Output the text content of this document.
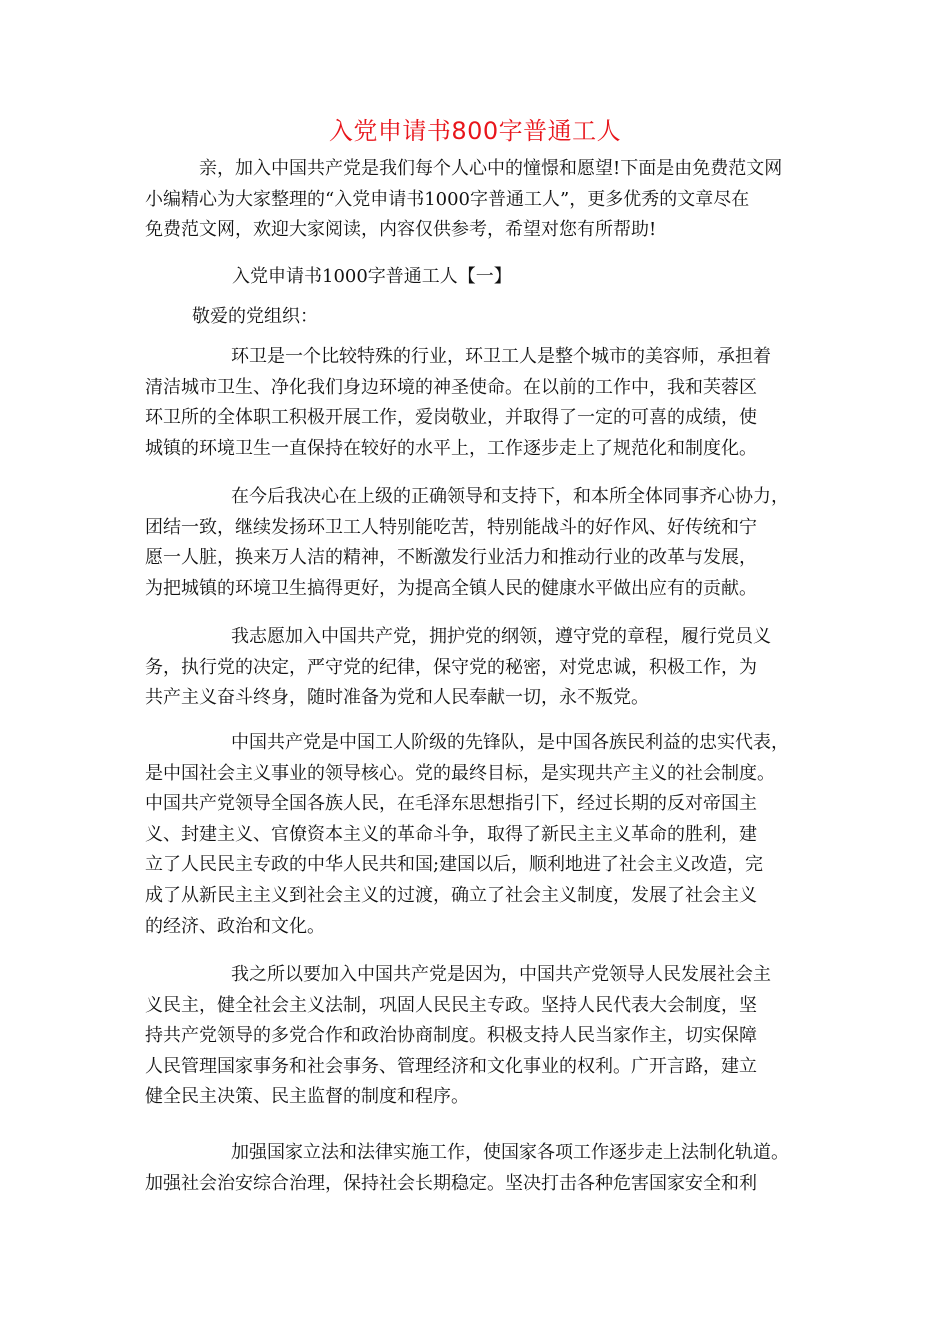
入党申请书800字普通工人
亲，加入中国共产党是我们每个人心中的憧憬和愿望!下面是由免费范文网
小编精心为大家整理的“入党申请书1000字普通工人”，更多优秀的文章尽在
免费范文网，欢迎大家阅读，内容仅供参考，希望对您有所帮助!
入党申请书1000字普通工人【一】
敬爱的党组织：
环卫是一个比较特殊的行业，环卫工人是整个城市的美容师，承担着
清洁城市卫生、净化我们身边环境的神圣使命。在以前的工作中，我和芙蓉区
环卫所的全体职工积极开展工作，爱岗敬业，并取得了一定的可喜的成绩，使
城镇的环境卫生一直保持在较好的水平上，工作逐步走上了规范化和制度化。
在今后我决心在上级的正确领导和支持下，和本所全体同事齐心协力，
团结一致，继续发扬环卫工人特别能吃苦，特别能战斗的好作风、好传统和宁
愿一人脏，换来万人洁的精神，不断激发行业活力和推动行业的改革与发展，
为把城镇的环境卫生搞得更好，为提高全镇人民的健康水平做出应有的贡献。
我志愿加入中国共产党，拥护党的纲领，遵守党的章程，履行党员义
务，执行党的决定，严守党的纪律，保守党的秘密，对党忠诚，积极工作，为
共产主义奋斗终身，随时准备为党和人民奉献一切，永不叛党。
中国共产党是中国工人阶级的先锋队，是中国各族民利益的忠实代表，
是中国社会主义事业的领导核心。党的最终目标，是实现共产主义的社会制度。
中国共产党领导全国各族人民，在毛泽东思想指引下，经过长期的反对帝国主
义、封建主义、官僚资本主义的革命斗争，取得了新民主主义革命的胜利，建
立了人民民主专政的中华人民共和国;建国以后，顺利地进了社会主义改造，完
成了从新民主主义到社会主义的过渡，确立了社会主义制度，发展了社会主义
的经济、政治和文化。
我之所以要加入中国共产党是因为，中国共产党领导人民发展社会主
义民主，健全社会主义法制，巩固人民民主专政。坚持人民代表大会制度，坚
持共产党领导的多党合作和政治协商制度。积极支持人民当家作主，切实保障
人民管理国家事务和社会事务、管理经济和文化事业的权利。广开言路，建立
健全民主决策、民主监督的制度和程序。
加强国家立法和法律实施工作，使国家各项工作逐步走上法制化轨道。
加强社会治安综合治理，保持社会长期稳定。坚决打击各种危害国家安全和利
